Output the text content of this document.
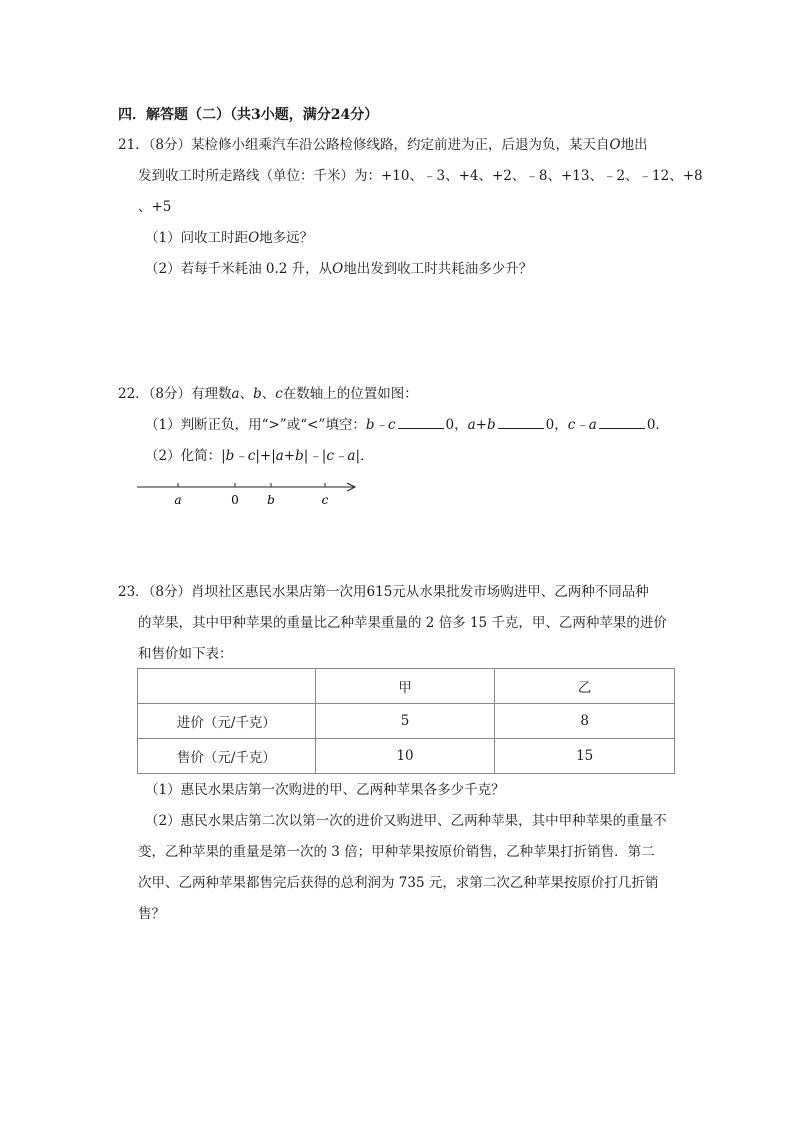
四．解答题（二）（共3小题，满分24分）
21．（8分）某检修小组乘汽车沿公路检修线路，约定前进为正，后退为负，某天自O地出
发到收工时所走路线（单位：千米）为：+10、﹣3、+4、+2、﹣8、+13、﹣2、﹣12、+8
、+5
（1）问收工时距O地多远？
（2）若每千米耗油 0.2 升，从O地出发到收工时共耗油多少升？
22．（8分）有理数a、b、c在数轴上的位置如图：
（1）判断正负，用“>”或“<”填空：b﹣c	0，a+b	0，c﹣a	0．
（2）化简：|b﹣c|+|a+b|﹣|c﹣a|．
a	0 b	c
23．（8分）肖坝社区惠民水果店第一次用615元从水果批发市场购进甲、乙两种不同品种
的苹果，其中甲种苹果的重量比乙种苹果重量的 2 倍多 15 千克，甲、乙两种苹果的进价
和售价如下表：
	甲	乙
进价（元/千克）	5	8
售价（元/千克）	10	15
（1）惠民水果店第一次购进的甲、乙两种苹果各多少千克？
（2）惠民水果店第二次以第一次的进价又购进甲、乙两种苹果，其中甲种苹果的重量不
变，乙种苹果的重量是第一次的 3 倍；甲种苹果按原价销售，乙种苹果打折销售．第二
次甲、乙两种苹果都售完后获得的总利润为 735 元，求第二次乙种苹果按原价打几折销
售？
